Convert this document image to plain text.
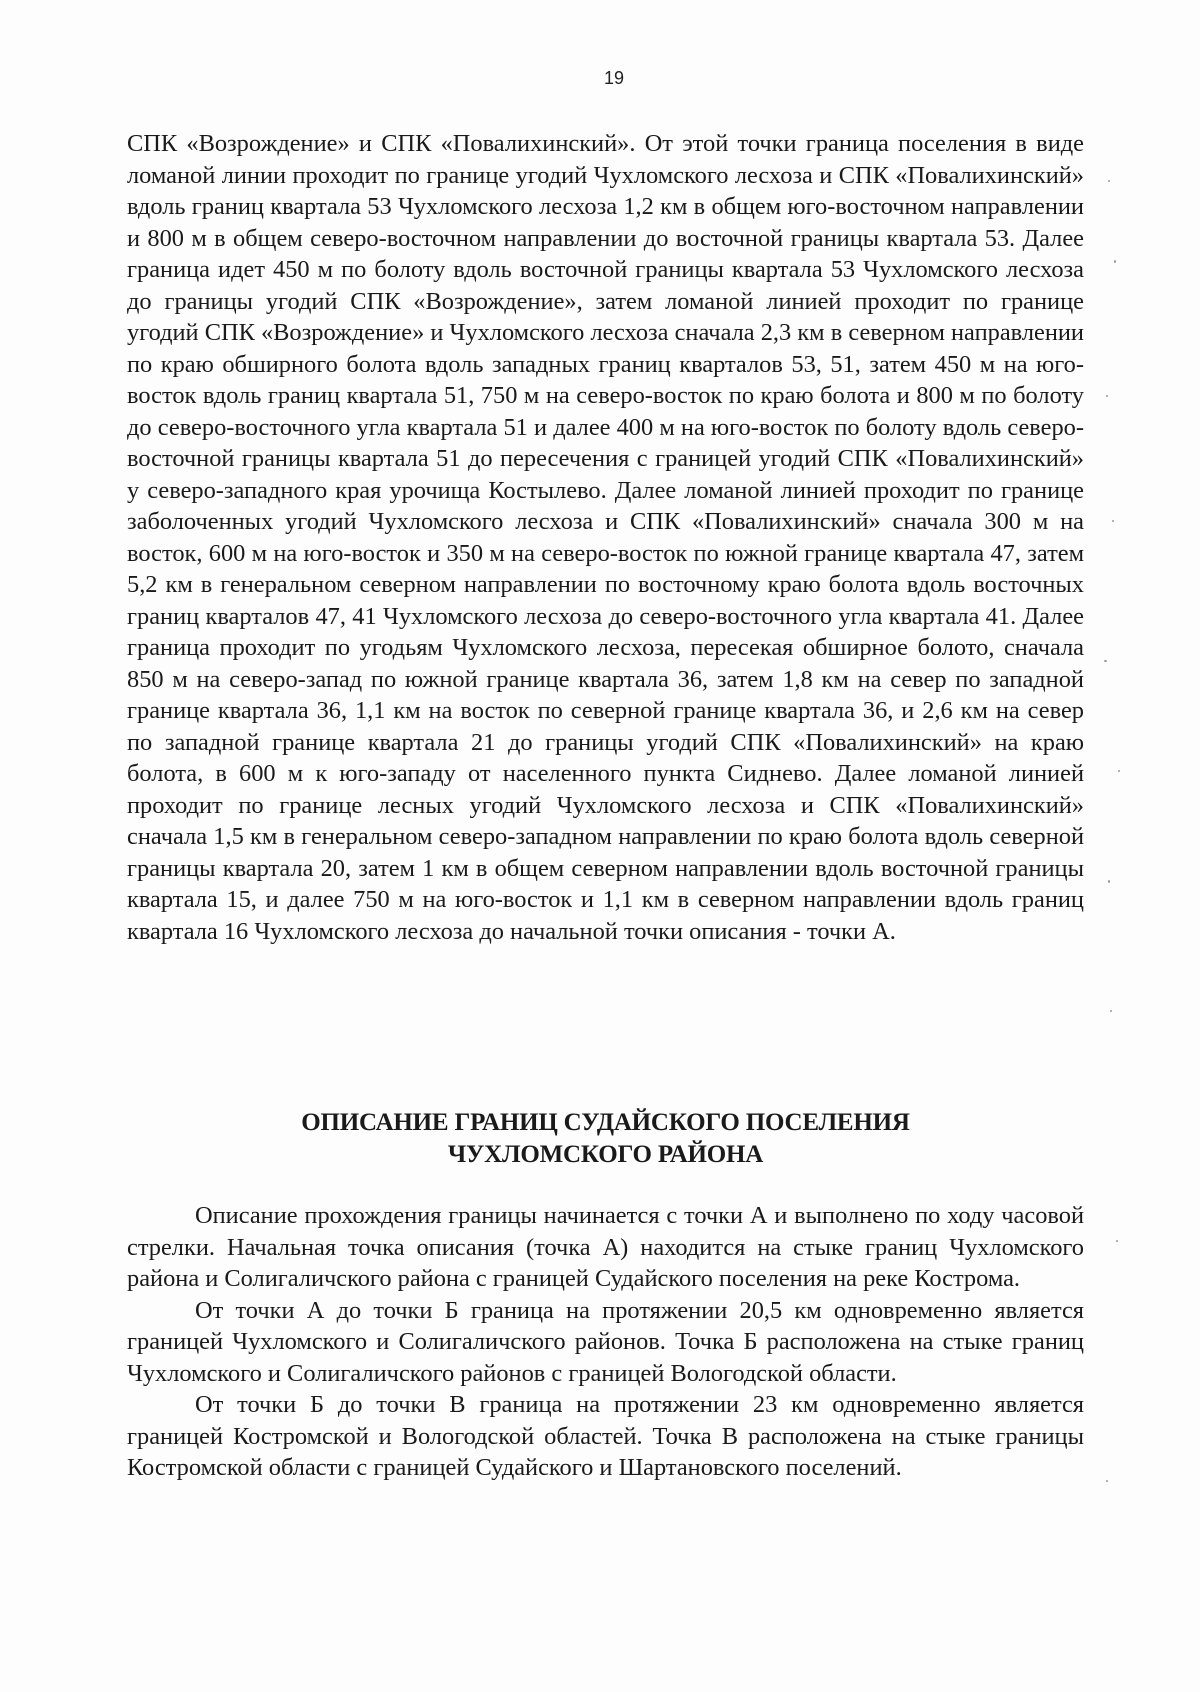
19
СПК «Возрождение» и СПК «Повалихинский». От этой точки граница поселения в виде ломаной линии проходит по границе угодий Чухломского лесхоза и СПК «Повалихинский» вдоль границ квартала 53 Чухломского лесхоза 1,2 км в общем юго-восточном направлении и 800 м в общем северо-восточном направлении до восточной границы квартала 53. Далее граница идет 450 м по болоту вдоль восточной границы квартала 53 Чухломского лесхоза до границы угодий СПК «Возрождение», затем ломаной линией проходит по границе угодий СПК «Возрождение» и Чухломского лесхоза сначала 2,3 км в северном направлении по краю обширного болота вдоль западных границ кварталов 53, 51, затем 450 м на юго-восток вдоль границ квартала 51, 750 м на северо-восток по краю болота и 800 м по болоту до северо-восточного угла квартала 51 и далее 400 м на юго-восток по болоту вдоль северо-восточной границы квартала 51 до пересечения с границей угодий СПК «Повалихинский» у северо-западного края урочища Костылево. Далее ломаной линией проходит по границе заболоченных угодий Чухломского лесхоза и СПК «Повалихинский» сначала 300 м на восток, 600 м на юго-восток и 350 м на северо-восток по южной границе квартала 47, затем 5,2 км в генеральном северном направлении по восточному краю болота вдоль восточных границ кварталов 47, 41 Чухломского лесхоза до северо-восточного угла квартала 41. Далее граница проходит по угодьям Чухломского лесхоза, пересекая обширное болото, сначала 850 м на северо-запад по южной границе квартала 36, затем 1,8 км на север по западной границе квартала 36, 1,1 км на восток по северной границе квартала 36, и 2,6 км на север по западной границе квартала 21 до границы угодий СПК «Повалихинский» на краю болота, в 600 м к юго-западу от населенного пункта Сиднево. Далее ломаной линией проходит по границе лесных угодий Чухломского лесхоза и СПК «Повалихинский» сначала 1,5 км в генеральном северо-западном направлении по краю болота вдоль северной границы квартала 20, затем 1 км в общем северном направлении вдоль восточной границы квартала 15, и далее 750 м на юго-восток и 1,1 км в северном направлении вдоль границ квартала 16 Чухломского лесхоза до начальной точки описания - точки А.
ОПИСАНИЕ ГРАНИЦ СУДАЙСКОГО ПОСЕЛЕНИЯ
ЧУХЛОМСКОГО РАЙОНА

Описание прохождения границы начинается с точки А и выполнено по ходу часовой стрелки. Начальная точка описания (точка А) находится на стыке границ Чухломского района и Солигаличского района с границей Судайского поселения на реке Кострома.

От точки А до точки Б граница на протяжении 20,5 км одновременно является границей Чухломского и Солигаличского районов. Точка Б расположена на стыке границ Чухломского и Солигаличского районов с границей Вологодской области.

От точки Б до точки В граница на протяжении 23 км одновременно является границей Костромской и Вологодской областей. Точка В расположена на стыке границы Костромской области с границей Судайского и Шартановского поселений.
